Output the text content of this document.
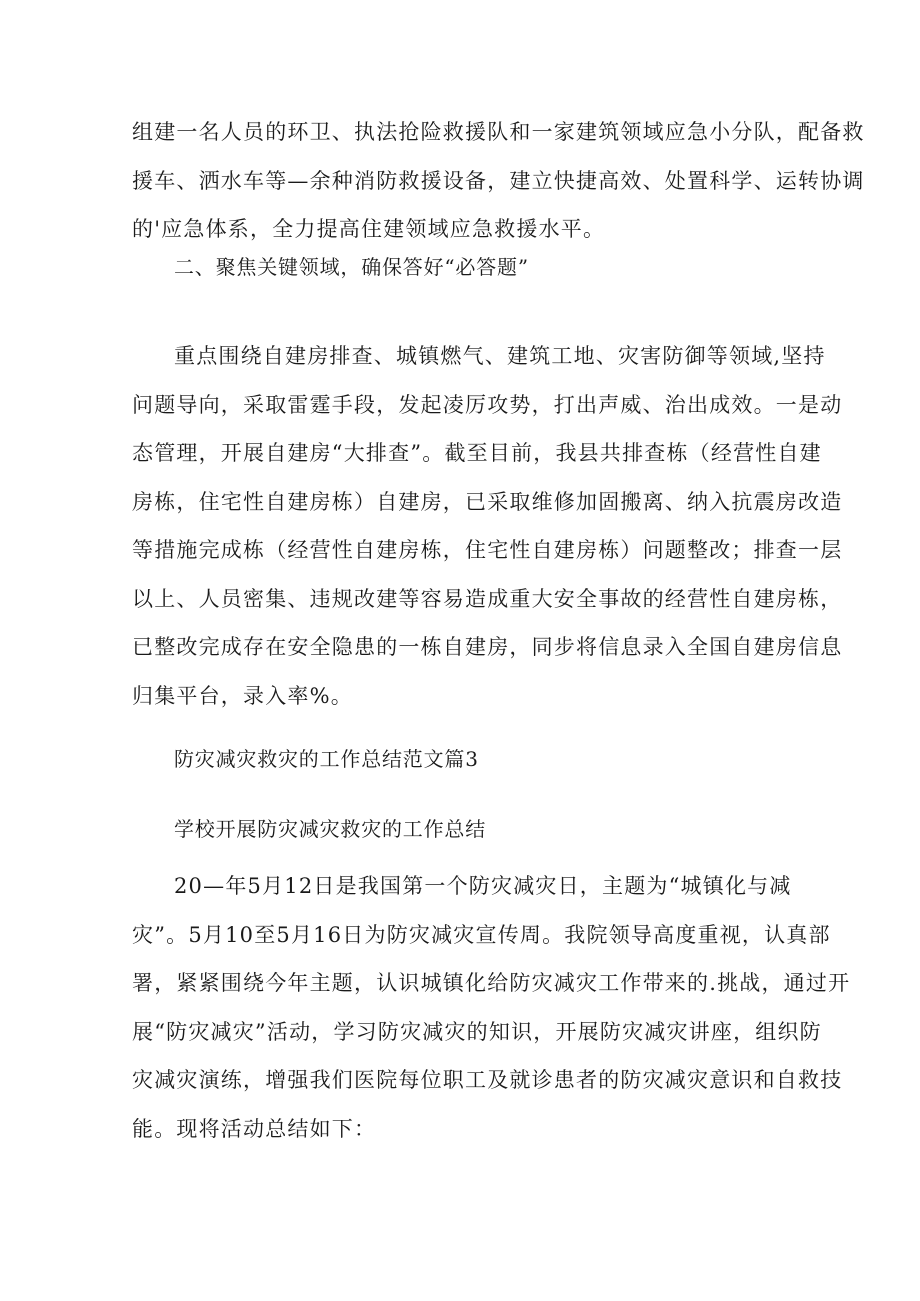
组建一名人员的环卫、执法抢险救援队和一家建筑领域应急小分队，配备救
援车、洒水车等—余种消防救援设备，建立快捷高效、处置科学、运转协调
的'应急体系，全力提高住建领域应急救援水平。
二、聚焦关键领域，确保答好“必答题”
重点围绕自建房排查、城镇燃气、建筑工地、灾害防御等领域,坚持
问题导向，采取雷霆手段，发起凌厉攻势，打出声威、治出成效。一是动
态管理，开展自建房“大排查”。截至目前，我县共排查栋（经营性自建
房栋，住宅性自建房栋）自建房，已采取维修加固搬离、纳入抗震房改造
等措施完成栋（经营性自建房栋，住宅性自建房栋）问题整改；排查一层
以上、人员密集、违规改建等容易造成重大安全事故的经营性自建房栋，
已整改完成存在安全隐患的一栋自建房，同步将信息录入全国自建房信息
归集平台，录入率%。
防灾减灾救灾的工作总结范文篇3
学校开展防灾减灾救灾的工作总结
20—年5月12日是我国第一个防灾减灾日，主题为“城镇化与减
灾”。5月10至5月16日为防灾减灾宣传周。我院领导高度重视，认真部
署，紧紧围绕今年主题，认识城镇化给防灾减灾工作带来的.挑战，通过开
展“防灾减灾”活动，学习防灾减灾的知识，开展防灾减灾讲座，组织防
灾减灾演练，增强我们医院每位职工及就诊患者的防灾减灾意识和自救技
能。现将活动总结如下：
